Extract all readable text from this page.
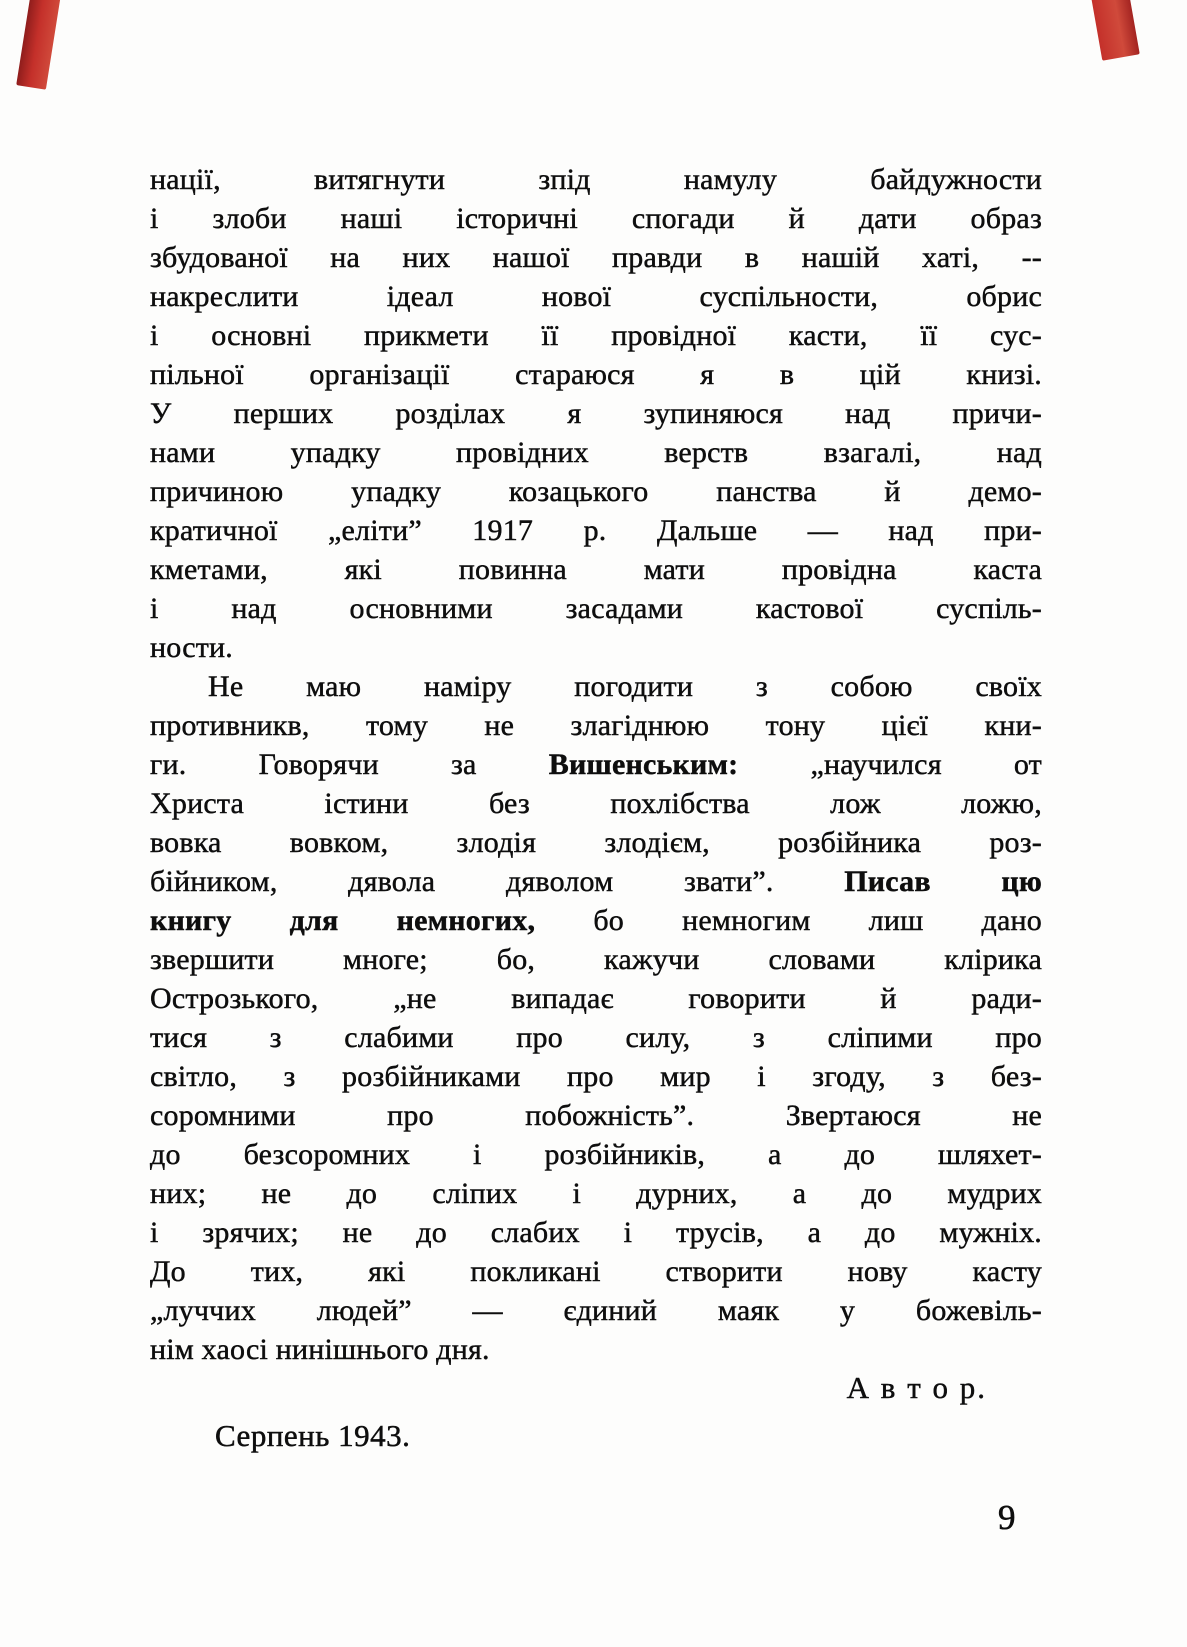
нації, витягнути зпід намулу байдужности
і злоби наші історичні спогади й дати образ
збудованої на них нашої правди в нашій хаті, --
накреслити ідеал нової суспільности, обрис
і основні прикмети її провідної касти, її сус-
пільної організації стараюся я в цій книзі.
У перших розділах я зупиняюся над причи-
нами упадку провідних верств взагалі, над
причиною упадку козацького панства й демо-
кратичної „еліти” 1917 р. Дальше — над при-
кметами, які повинна мати провідна каста
і над основними засадами кастової суспіль-
ности.
Не маю наміру погодити з собою своїх
противникв, тому не злагіднюю тону цієї кни-
ги. Говорячи за Вишенським: „научился от
Христа істини без похлібства лож ложю,
вовка вовком, злодія злодієм, розбійника роз-
бійником, дявола дяволом звати”. Писав цю
книгу для немногих, бо немногим лиш дано
звершити многе; бо, кажучи словами клірика
Острозького, „не випадає говорити й ради-
тися з слабими про силу, з сліпими про
світло, з розбійниками про мир і згоду, з без-
соромними про побожність”. Звертаюся не
до безсоромних і розбійників, а до шляхет-
них; не до сліпих і дурних, а до мудрих
і зрячих; не до слабих і трусів, а до мужніх.
До тих, які покликані створити нову касту
„луччих людей” — єдиний маяк у божевіль-
нім хаосі нинішнього дня.
А в т о р.
Серпень 1943.
9
